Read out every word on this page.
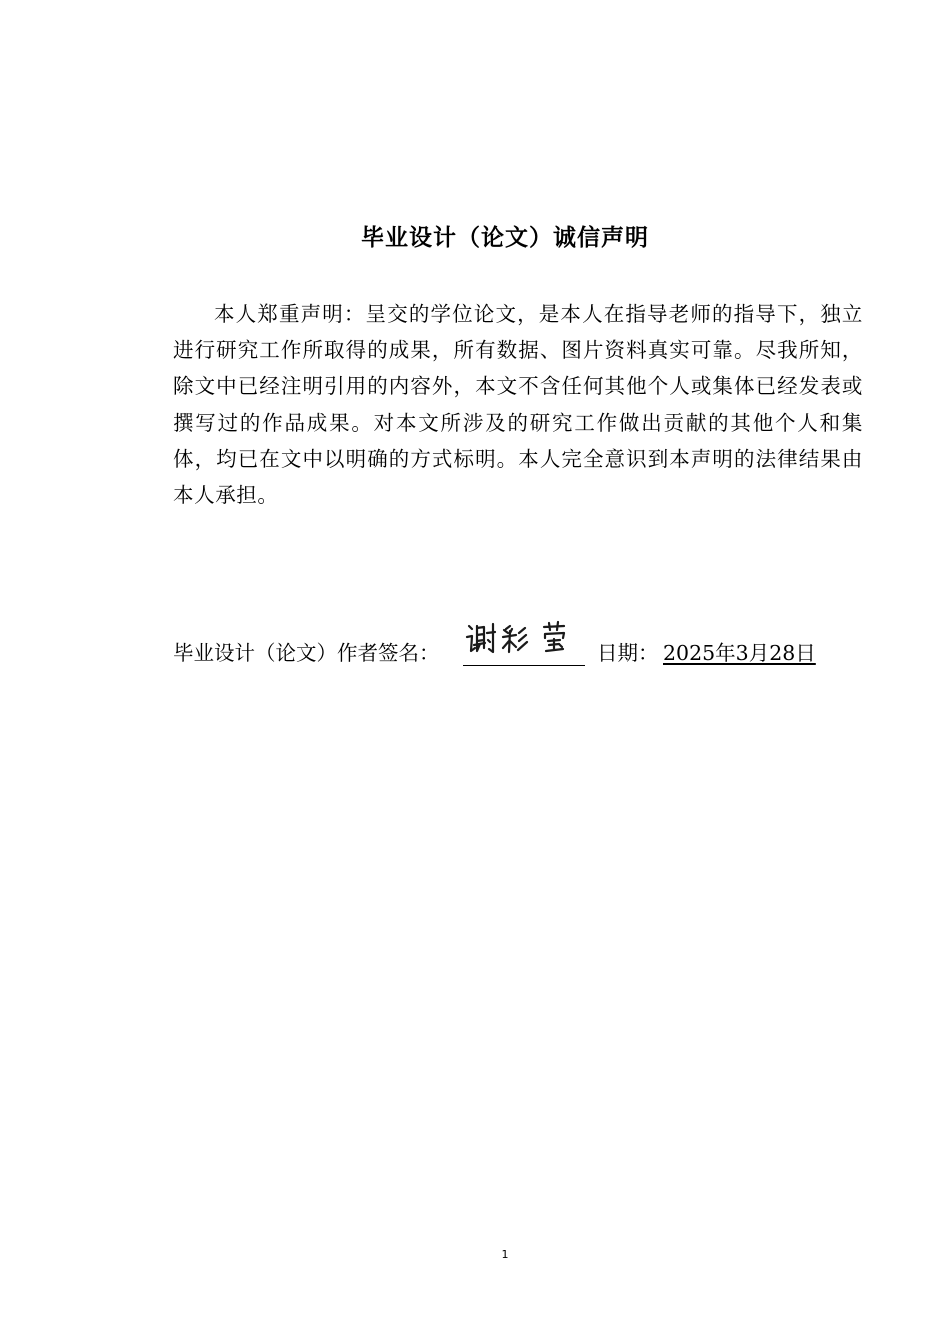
毕业设计（论文）诚信声明

本人郑重声明：呈交的学位论文，是本人在指导老师的指导下，独立进行研究工作所取得的成果，所有数据、图片资料真实可靠。尽我所知，除文中已经注明引用的内容外，本文不含任何其他个人或集体已经发表或撰写过的作品成果。对本文所涉及的研究工作做出贡献的其他个人和集体，均已在文中以明确的方式标明。本人完全意识到本声明的法律结果由本人承担。

毕业设计（论文）作者签名：	日期： 2025年3月28日
1
